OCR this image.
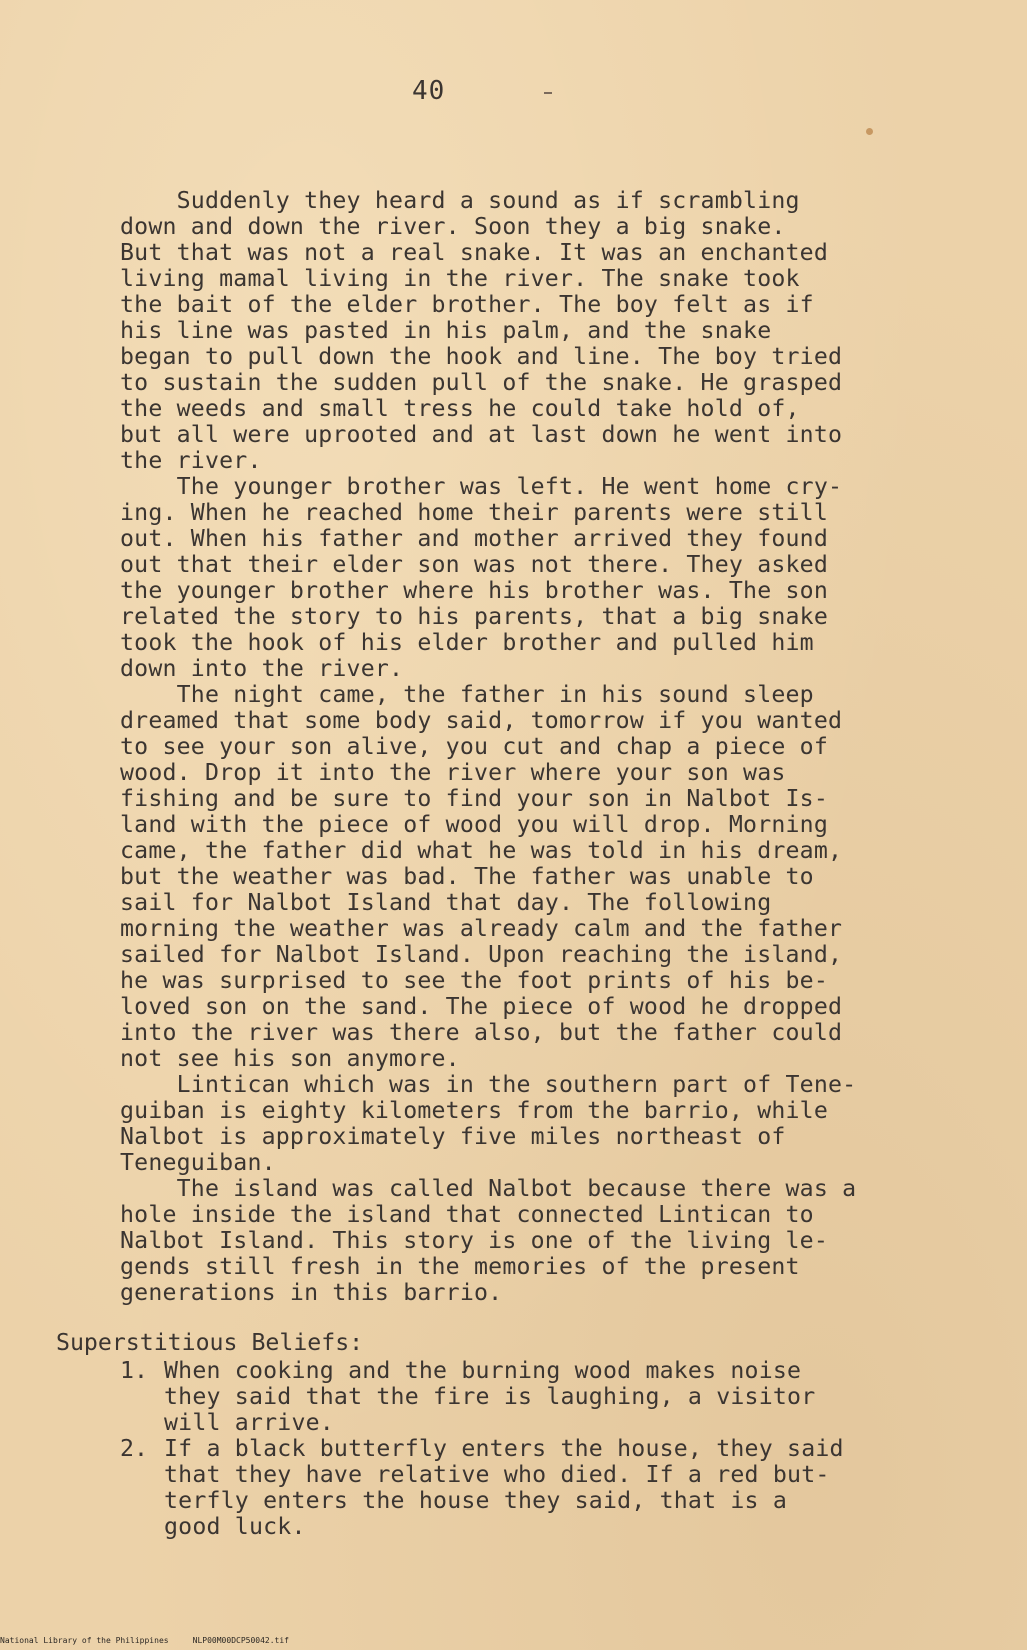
40
Suddenly they heard a sound as if scrambling
down and down the river. Soon they a big snake.
But that was not a real snake. It was an enchanted
living mamal living in the river. The snake took
the bait of the elder brother. The boy felt as if
his line was pasted in his palm, and the snake
began to pull down the hook and line. The boy tried
to sustain the sudden pull of the snake. He grasped
the weeds and small tress he could take hold of,
but all were uprooted and at last down he went into
the river.
The younger brother was left. He went home cry-
ing. When he reached home their parents were still
out. When his father and mother arrived they found
out that their elder son was not there. They asked
the younger brother where his brother was. The son
related the story to his parents, that a big snake
took the hook of his elder brother and pulled him
down into the river.
The night came, the father in his sound sleep
dreamed that some body said, tomorrow if you wanted
to see your son alive, you cut and chap a piece of
wood. Drop it into the river where your son was
fishing and be sure to find your son in Nalbot Is-
land with the piece of wood you will drop. Morning
came, the father did what he was told in his dream,
but the weather was bad. The father was unable to
sail for Nalbot Island that day. The following
morning the weather was already calm and the father
sailed for Nalbot Island. Upon reaching the island,
he was surprised to see the foot prints of his be-
loved son on the sand. The piece of wood he dropped
into the river was there also, but the father could
not see his son anymore.
Lintican which was in the southern part of Tene-
guiban is eighty kilometers from the barrio, while
Nalbot is approximately five miles northeast of
Teneguiban.
The island was called Nalbot because there was a
hole inside the island that connected Lintican to
Nalbot Island. This story is one of the living le-
gends still fresh in the memories of the present
generations in this barrio.
Superstitious Beliefs:
1. When cooking and the burning wood makes noise
they said that the fire is laughing, a visitor
will arrive.
2. If a black butterfly enters the house, they said
that they have relative who died. If a red but-
terfly enters the house they said, that is a
good luck.
National Library of the Philippines     NLP00M00DCP50042.tif
